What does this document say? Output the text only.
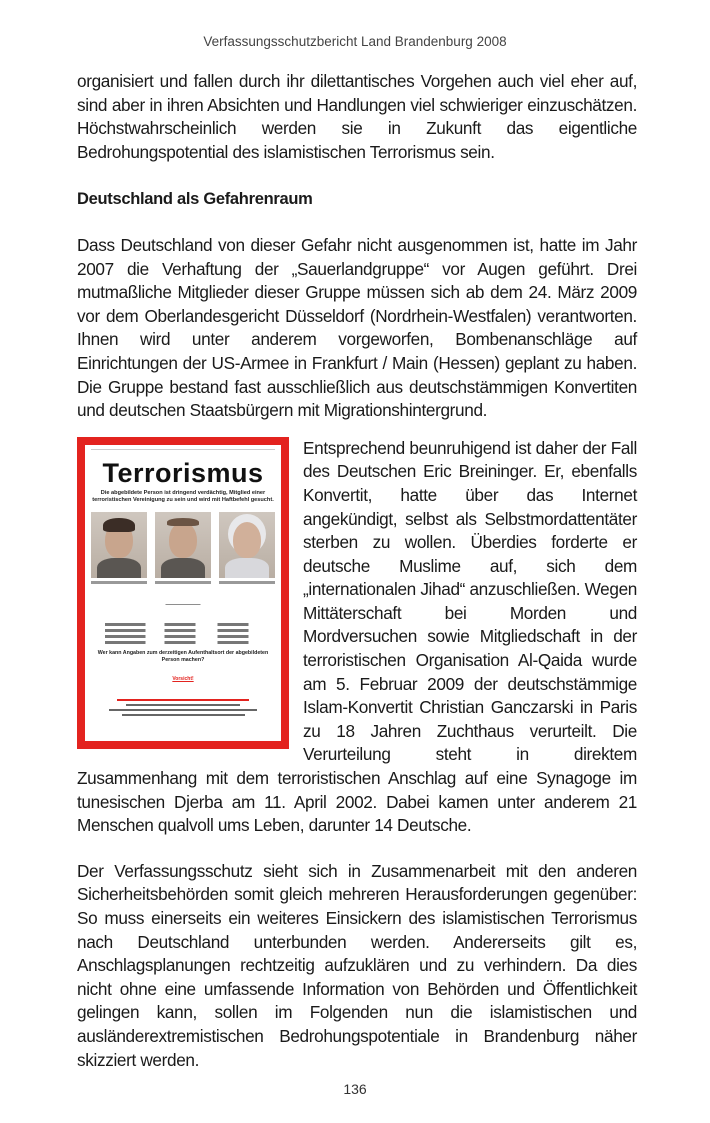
Verfassungsschutzbericht Land Brandenburg 2008

organisiert und fallen durch ihr dilettantisches Vorgehen auch viel eher auf, sind aber in ihren Absichten und Handlungen viel schwieriger einzuschätzen. Höchstwahrscheinlich werden sie in Zukunft das eigentliche Bedrohungspotential des islamistischen Terrorismus sein.

Deutschland als Gefahrenraum

Dass Deutschland von dieser Gefahr nicht ausgenommen ist, hatte im Jahr 2007 die Verhaftung der „Sauerlandgruppe“ vor Augen geführt. Drei mutmaßliche Mitglieder dieser Gruppe müssen sich ab dem 24. März 2009 vor dem Oberlandesgericht Düsseldorf (Nordrhein-Westfalen) verantworten. Ihnen wird unter anderem vorgeworfen, Bombenanschläge auf Einrichtungen der US-Armee in Frankfurt / Main (Hessen) geplant zu haben. Die Gruppe bestand fast ausschließlich aus deutschstämmigen Konvertiten und deutschen Staatsbürgern mit Migrationshintergrund.

Terrorismus
Die abgebildete Person ist dringend verdächtig, Mitglied einer terroristischen Vereinigung zu sein und wird mit Haftbefehl gesucht.
———————
Wer kann Angaben zum derzeitigen Aufenthaltsort der abgebildeten Person machen?
Vorsicht!

Entsprechend beunruhigend ist daher der Fall des Deutschen Eric Breininger. Er, ebenfalls Konvertit, hatte über das Internet angekündigt, selbst als Selbstmordattentäter sterben zu wollen. Überdies forderte er deutsche Muslime auf, sich dem „internationalen Jihad“ anzuschließen. Wegen Mittäterschaft bei Morden und Mordversuchen sowie Mitgliedschaft in der terroristischen Organisation Al-Qaida wurde am 5. Februar 2009 der deutschstämmige Islam-Konvertit Christian Ganczarski in Paris zu 18 Jahren Zuchthaus verurteilt. Die Verurteilung steht in direktem Zusammenhang mit dem terroristischen Anschlag auf eine Synagoge im tunesischen Djerba am 11. April 2002. Dabei kamen unter anderem 21 Menschen qualvoll ums Leben, darunter 14 Deutsche.

Der Verfassungsschutz sieht sich in Zusammenarbeit mit den anderen Sicherheitsbehörden somit gleich mehreren Herausforderungen gegenüber: So muss einerseits ein weiteres Einsickern des islamistischen Terrorismus nach Deutschland unterbunden werden. Andererseits gilt es, Anschlagsplanungen rechtzeitig aufzuklären und zu verhindern. Da dies nicht ohne eine umfassende Information von Behörden und Öffentlichkeit gelingen kann, sollen im Folgenden nun die islamistischen und ausländerextremistischen Bedrohungspotentiale in Brandenburg näher skizziert werden.

136
